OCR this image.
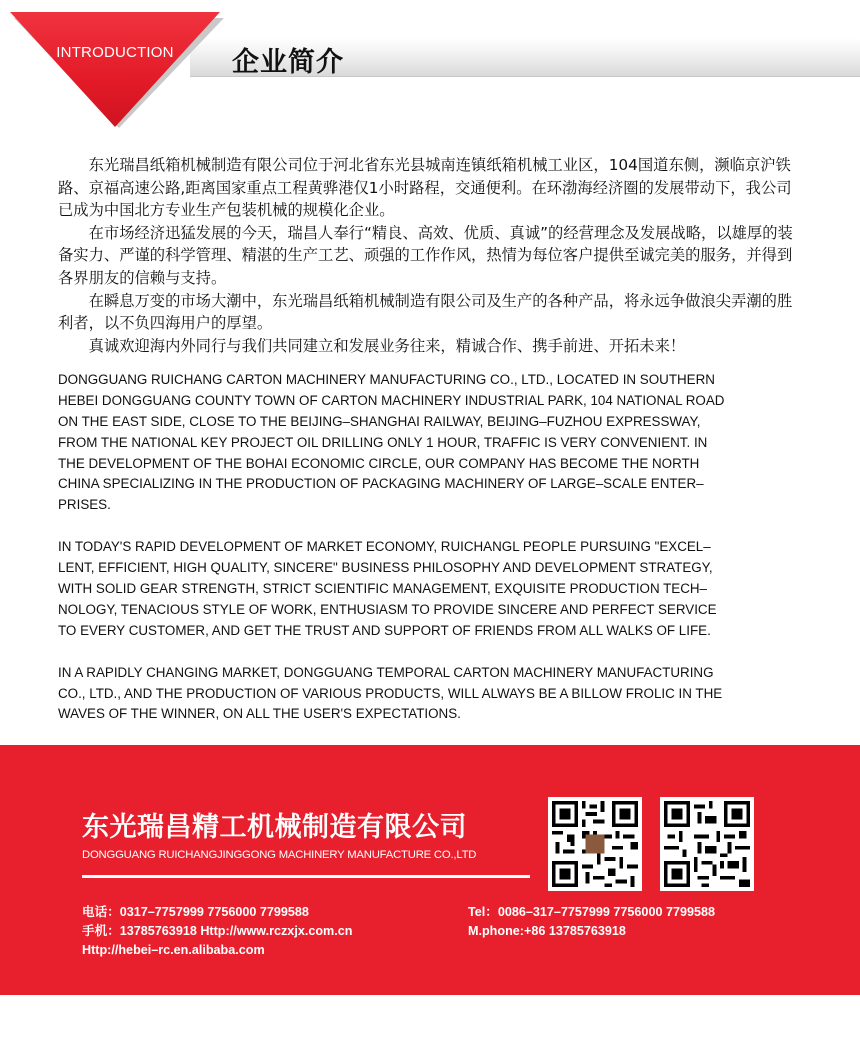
INTRODUCTION	企业简介

东光瑞昌纸箱机械制造有限公司位于河北省东光县城南连镇纸箱机械工业区，104国道东侧，濒临京沪铁路、京福高速公路,距离国家重点工程黄骅港仅1小时路程，交通便利。在环渤海经济圈的发展带动下，我公司已成为中国北方专业生产包装机械的规模化企业。

在市场经济迅猛发展的今天，瑞昌人奉行“精良、高效、优质、真诚”的经营理念及发展战略，以雄厚的装备实力、严谨的科学管理、精湛的生产工艺、顽强的工作作风，热情为每位客户提供至诚完美的服务，并得到各界朋友的信赖与支持。

在瞬息万变的市场大潮中，东光瑞昌纸箱机械制造有限公司及生产的各种产品，将永远争做浪尖弄潮的胜利者，以不负四海用户的厚望。

真诚欢迎海内外同行与我们共同建立和发展业务往来，精诚合作、携手前进、开拓未来！

DONGGUANG RUICHANG CARTON MACHINERY MANUFACTURING CO., LTD., LOCATED IN SOUTHERN
HEBEI DONGGUANG COUNTY TOWN OF CARTON MACHINERY INDUSTRIAL PARK, 104 NATIONAL ROAD
ON THE EAST SIDE, CLOSE TO THE BEIJING–SHANGHAI RAILWAY, BEIJING–FUZHOU EXPRESSWAY,
FROM THE NATIONAL KEY PROJECT OIL DRILLING ONLY 1 HOUR, TRAFFIC IS VERY CONVENIENT. IN
THE DEVELOPMENT OF THE BOHAI ECONOMIC CIRCLE, OUR COMPANY HAS BECOME THE NORTH
CHINA SPECIALIZING IN THE PRODUCTION OF PACKAGING MACHINERY OF LARGE–SCALE ENTER–
PRISES.

IN TODAY'S RAPID DEVELOPMENT OF MARKET ECONOMY, RUICHANGL PEOPLE PURSUING "EXCEL–
LENT, EFFICIENT, HIGH QUALITY, SINCERE" BUSINESS PHILOSOPHY AND DEVELOPMENT STRATEGY,
WITH SOLID GEAR STRENGTH, STRICT SCIENTIFIC MANAGEMENT, EXQUISITE PRODUCTION TECH–
NOLOGY, TENACIOUS STYLE OF WORK, ENTHUSIASM TO PROVIDE SINCERE AND PERFECT SERVICE
TO EVERY CUSTOMER, AND GET THE TRUST AND SUPPORT OF FRIENDS FROM ALL WALKS OF LIFE.

IN A RAPIDLY CHANGING MARKET, DONGGUANG TEMPORAL CARTON MACHINERY MANUFACTURING
CO., LTD., AND THE PRODUCTION OF VARIOUS PRODUCTS, WILL ALWAYS BE A BILLOW FROLIC IN THE
WAVES OF THE WINNER, ON ALL THE USER'S EXPECTATIONS.

东光瑞昌精工机械制造有限公司
DONGGUANG RUICHANGJINGGONG MACHINERY MANUFACTURE CO.,LTD
电话：0317–7757999 7756000 7799588
手机：13785763918 Http://www.rczxjx.com.cn
Http://hebei–rc.en.alibaba.com
Tel：0086–317–7757999 7756000 7799588
M.phone:+86 13785763918
